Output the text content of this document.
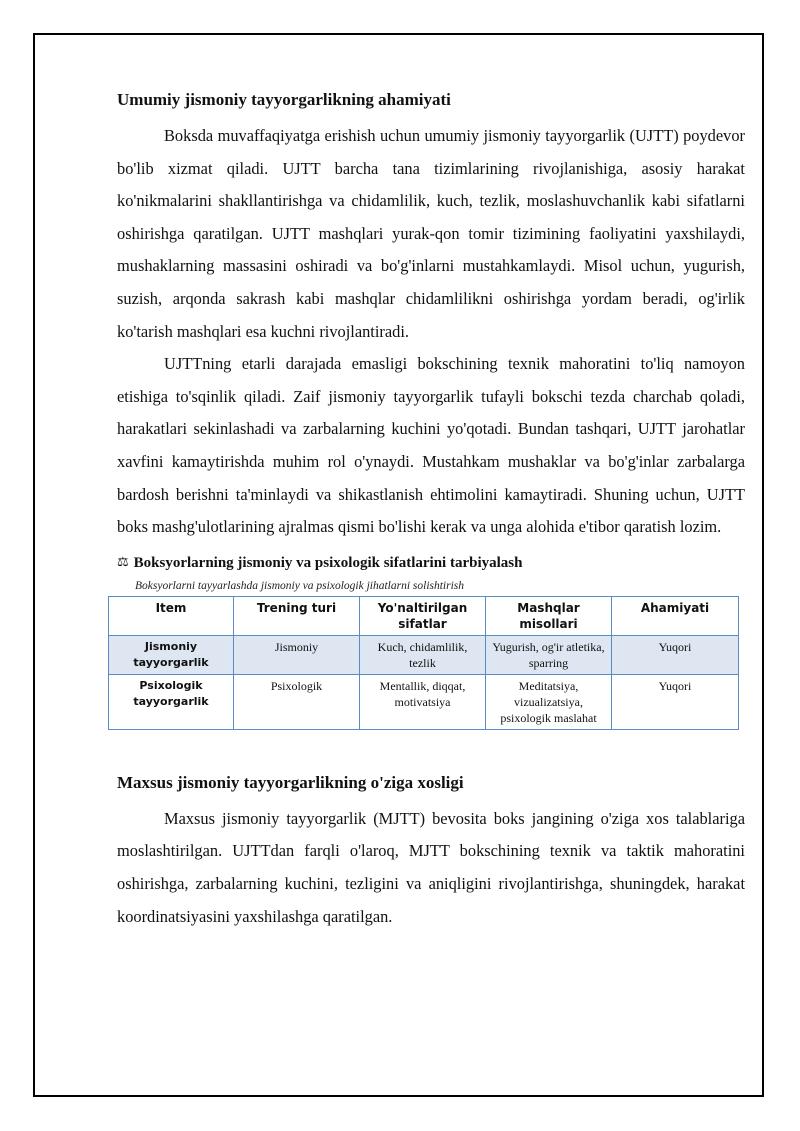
Umumiy jismoniy tayyorgarlikning ahamiyati

Boksda muvaffaqiyatga erishish uchun umumiy jismoniy tayyorgarlik (UJTT) poydevor bo'lib xizmat qiladi. UJTT barcha tana tizimlarining rivojlanishiga, asosiy harakat ko'nikmalarini shakllantirishga va chidamlilik, kuch, tezlik, moslashuvchanlik kabi sifatlarni oshirishga qaratilgan. UJTT mashqlari yurak-qon tomir tizimining faoliyatini yaxshilaydi, mushaklarning massasini oshiradi va bo'g'inlarni mustahkamlaydi. Misol uchun, yugurish, suzish, arqonda sakrash kabi mashqlar chidamlilikni oshirishga yordam beradi, og'irlik ko'tarish mashqlari esa kuchni rivojlantiradi.

UJTTning etarli darajada emasligi bokschining texnik mahoratini to'liq namoyon etishiga to'sqinlik qiladi. Zaif jismoniy tayyorgarlik tufayli bokschi tezda charchab qoladi, harakatlari sekinlashadi va zarbalarning kuchini yo'qotadi. Bundan tashqari, UJTT jarohatlar xavfini kamaytirishda muhim rol o'ynaydi. Mustahkam mushaklar va bo'g'inlar zarbalarga bardosh berishni ta'minlaydi va shikastlanish ehtimolini kamaytiradi. Shuning uchun, UJTT boks mashg'ulotlarining ajralmas qismi bo'lishi kerak va unga alohida e'tibor qaratish lozim.

⚖ Boksyorlarning jismoniy va psixologik sifatlarini tarbiyalash
Boksyorlarni tayyarlashda jismoniy va psixologik jihatlarni solishtirish
Item	Trening turi	Yo'naltirilgan sifatlar	Mashqlar misollari	Ahamiyati
Jismoniy tayyorgarlik	Jismoniy	Kuch, chidamlilik, tezlik	Yugurish, og'ir atletika, sparring	Yuqori
Psixologik tayyorgarlik	Psixologik	Mentallik, diqqat, motivatsiya	Meditatsiya, vizualizatsiya, psixologik maslahat	Yuqori
Maxsus jismoniy tayyorgarlikning o'ziga xosligi

Maxsus jismoniy tayyorgarlik (MJTT) bevosita boks jangining o'ziga xos talablariga moslashtirilgan. UJTTdan farqli o'laroq, MJTT bokschining texnik va taktik mahoratini oshirishga, zarbalarning kuchini, tezligini va aniqligini rivojlantirishga, shuningdek, harakat koordinatsiyasini yaxshilashga qaratilgan.
